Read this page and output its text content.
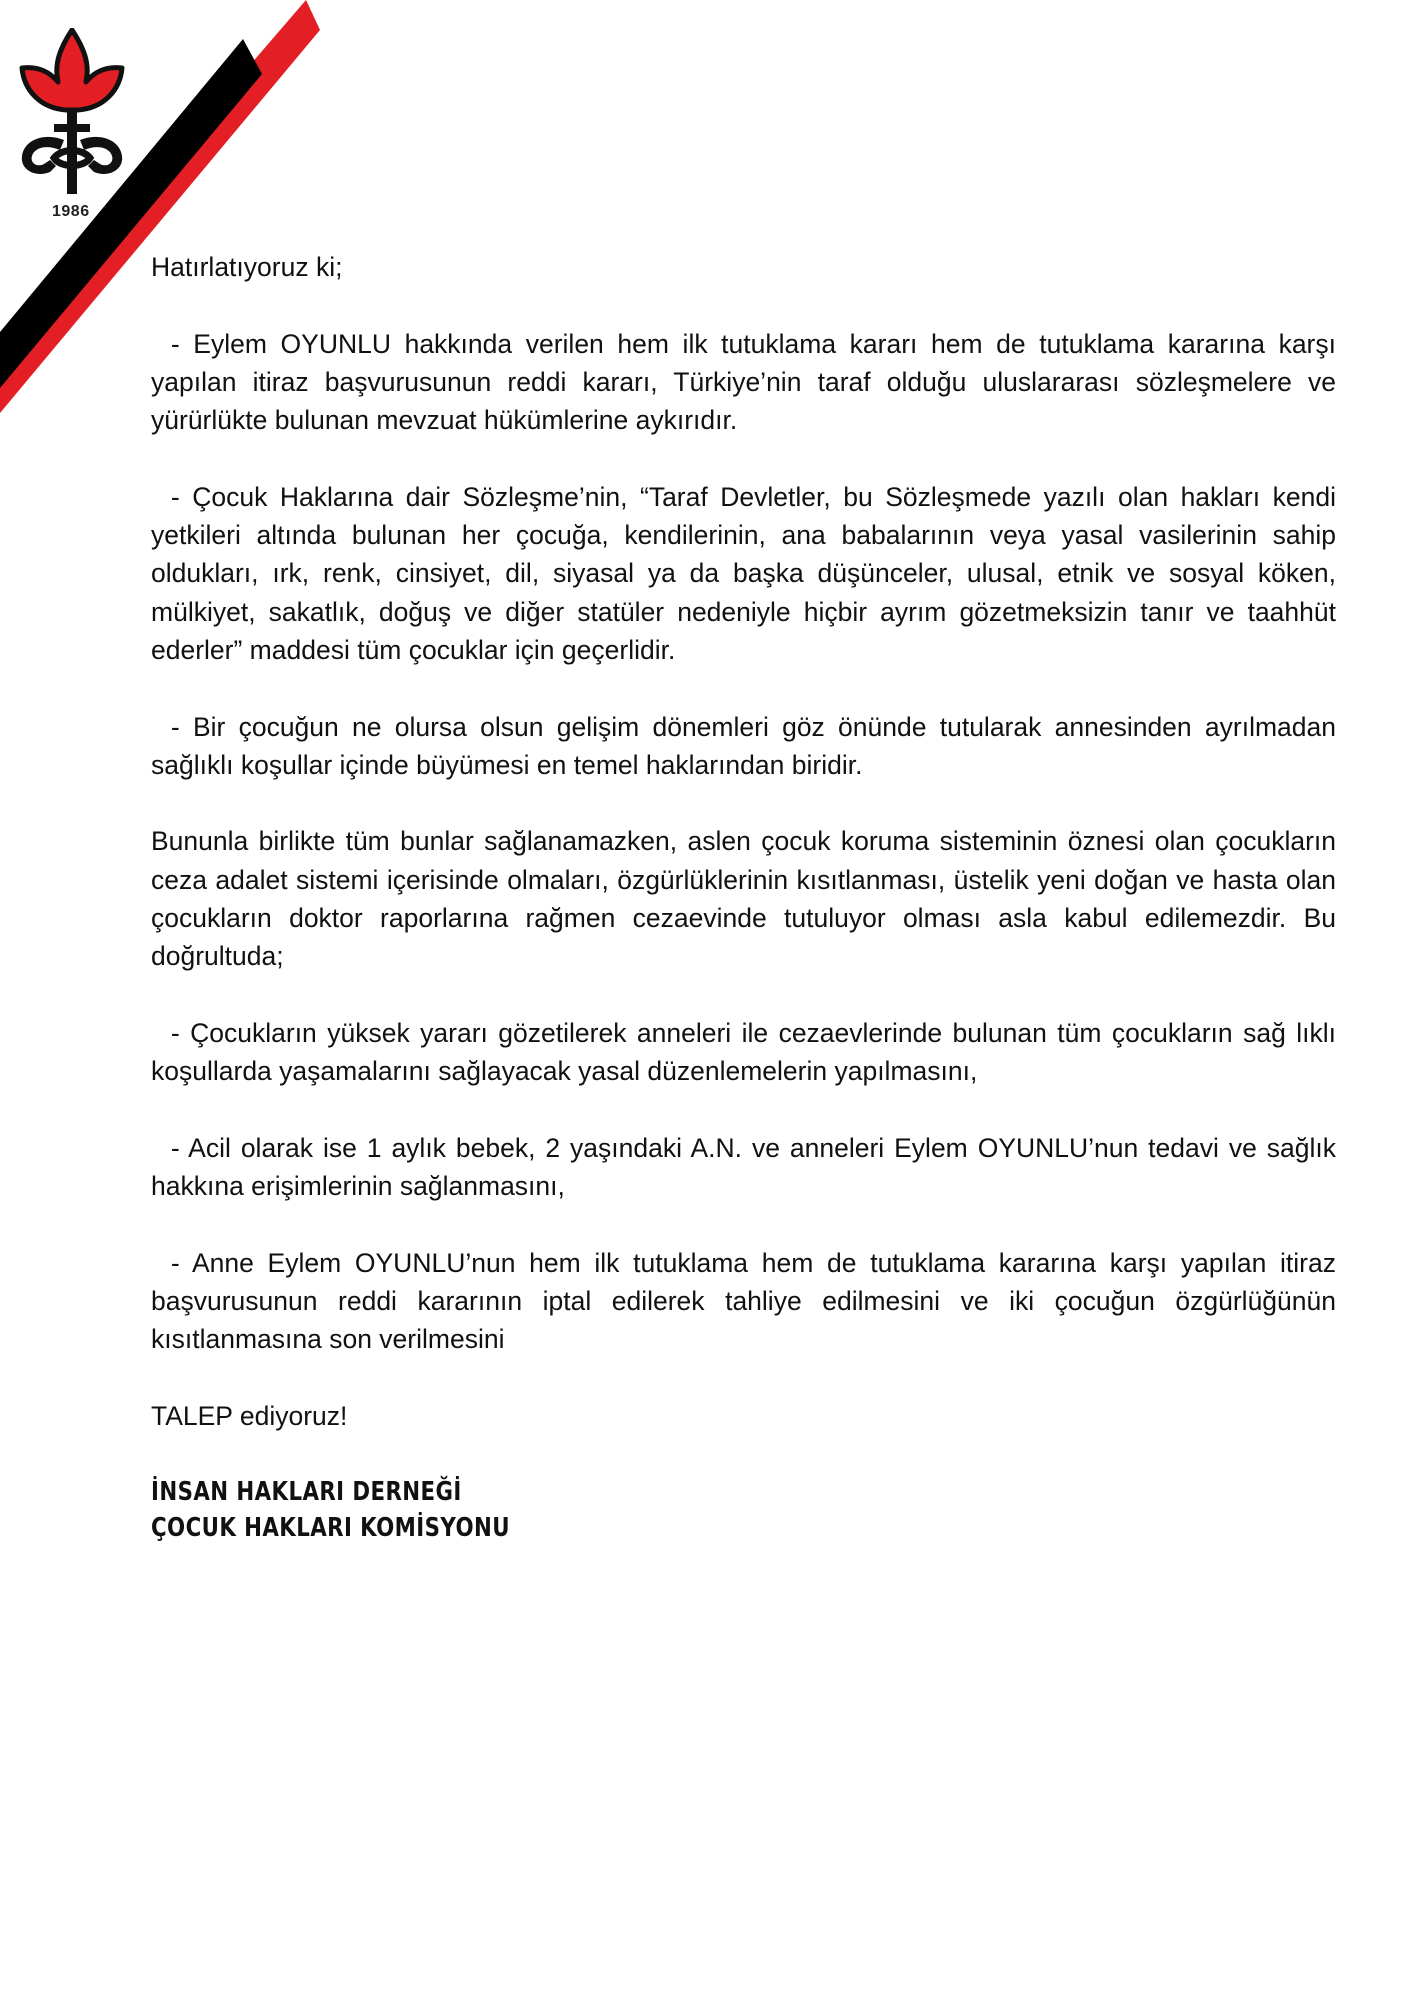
1986

Hatırlatıyoruz ki;

- Eylem OYUNLU hakkında verilen hem ilk tutuklama kararı hem de tutuklama kararına karşı yapılan itiraz başvurusunun reddi kararı, Türkiye’nin taraf olduğu uluslararası sözleşmelere ve yürürlükte bulunan mevzuat hükümlerine aykırıdır.

- Çocuk Haklarına dair Sözleşme’nin, “Taraf Devletler, bu Sözleşmede yazılı olan hakları kendi yetkileri altında bulunan her çocuğa, kendilerinin, ana babalarının veya yasal vasilerinin sahip oldukları, ırk, renk, cinsiyet, dil, siyasal ya da başka düşünceler, ulusal, etnik ve sosyal köken, mülkiyet, sakatlık, doğuş ve diğer statüler nedeniyle hiçbir ayrım gözetmeksizin tanır ve taahhüt ederler” maddesi tüm çocuklar için geçerlidir.

- Bir çocuğun ne olursa olsun gelişim dönemleri göz önünde tutularak annesinden ayrılmadan sağlıklı koşullar içinde büyümesi en temel haklarından biridir.

Bununla birlikte tüm bunlar sağlanamazken, aslen çocuk koruma sisteminin öznesi olan çocukların ceza adalet sistemi içerisinde olmaları, özgürlüklerinin kısıtlanması, üstelik yeni doğan ve hasta olan çocukların doktor raporlarına rağmen cezaevinde tutuluyor olması asla kabul edilemezdir. Bu doğrultuda;

- Çocukların yüksek yararı gözetilerek anneleri ile cezaevlerinde bulunan tüm çocukların sağ lıklı koşullarda yaşamalarını sağlayacak yasal düzenlemelerin yapılmasını,

- Acil olarak ise 1 aylık bebek, 2 yaşındaki A.N. ve anneleri Eylem OYUNLU’nun tedavi ve sağlık hakkına erişimlerinin sağlanmasını,

- Anne Eylem OYUNLU’nun hem ilk tutuklama hem de tutuklama kararına karşı yapılan itiraz başvurusunun reddi kararının iptal edilerek tahliye edilmesini ve iki çocuğun özgürlüğünün kısıtlanmasına son verilmesini

TALEP ediyoruz!

İNSAN HAKLARI DERNEĞİ
ÇOCUK HAKLARI KOMİSYONU
